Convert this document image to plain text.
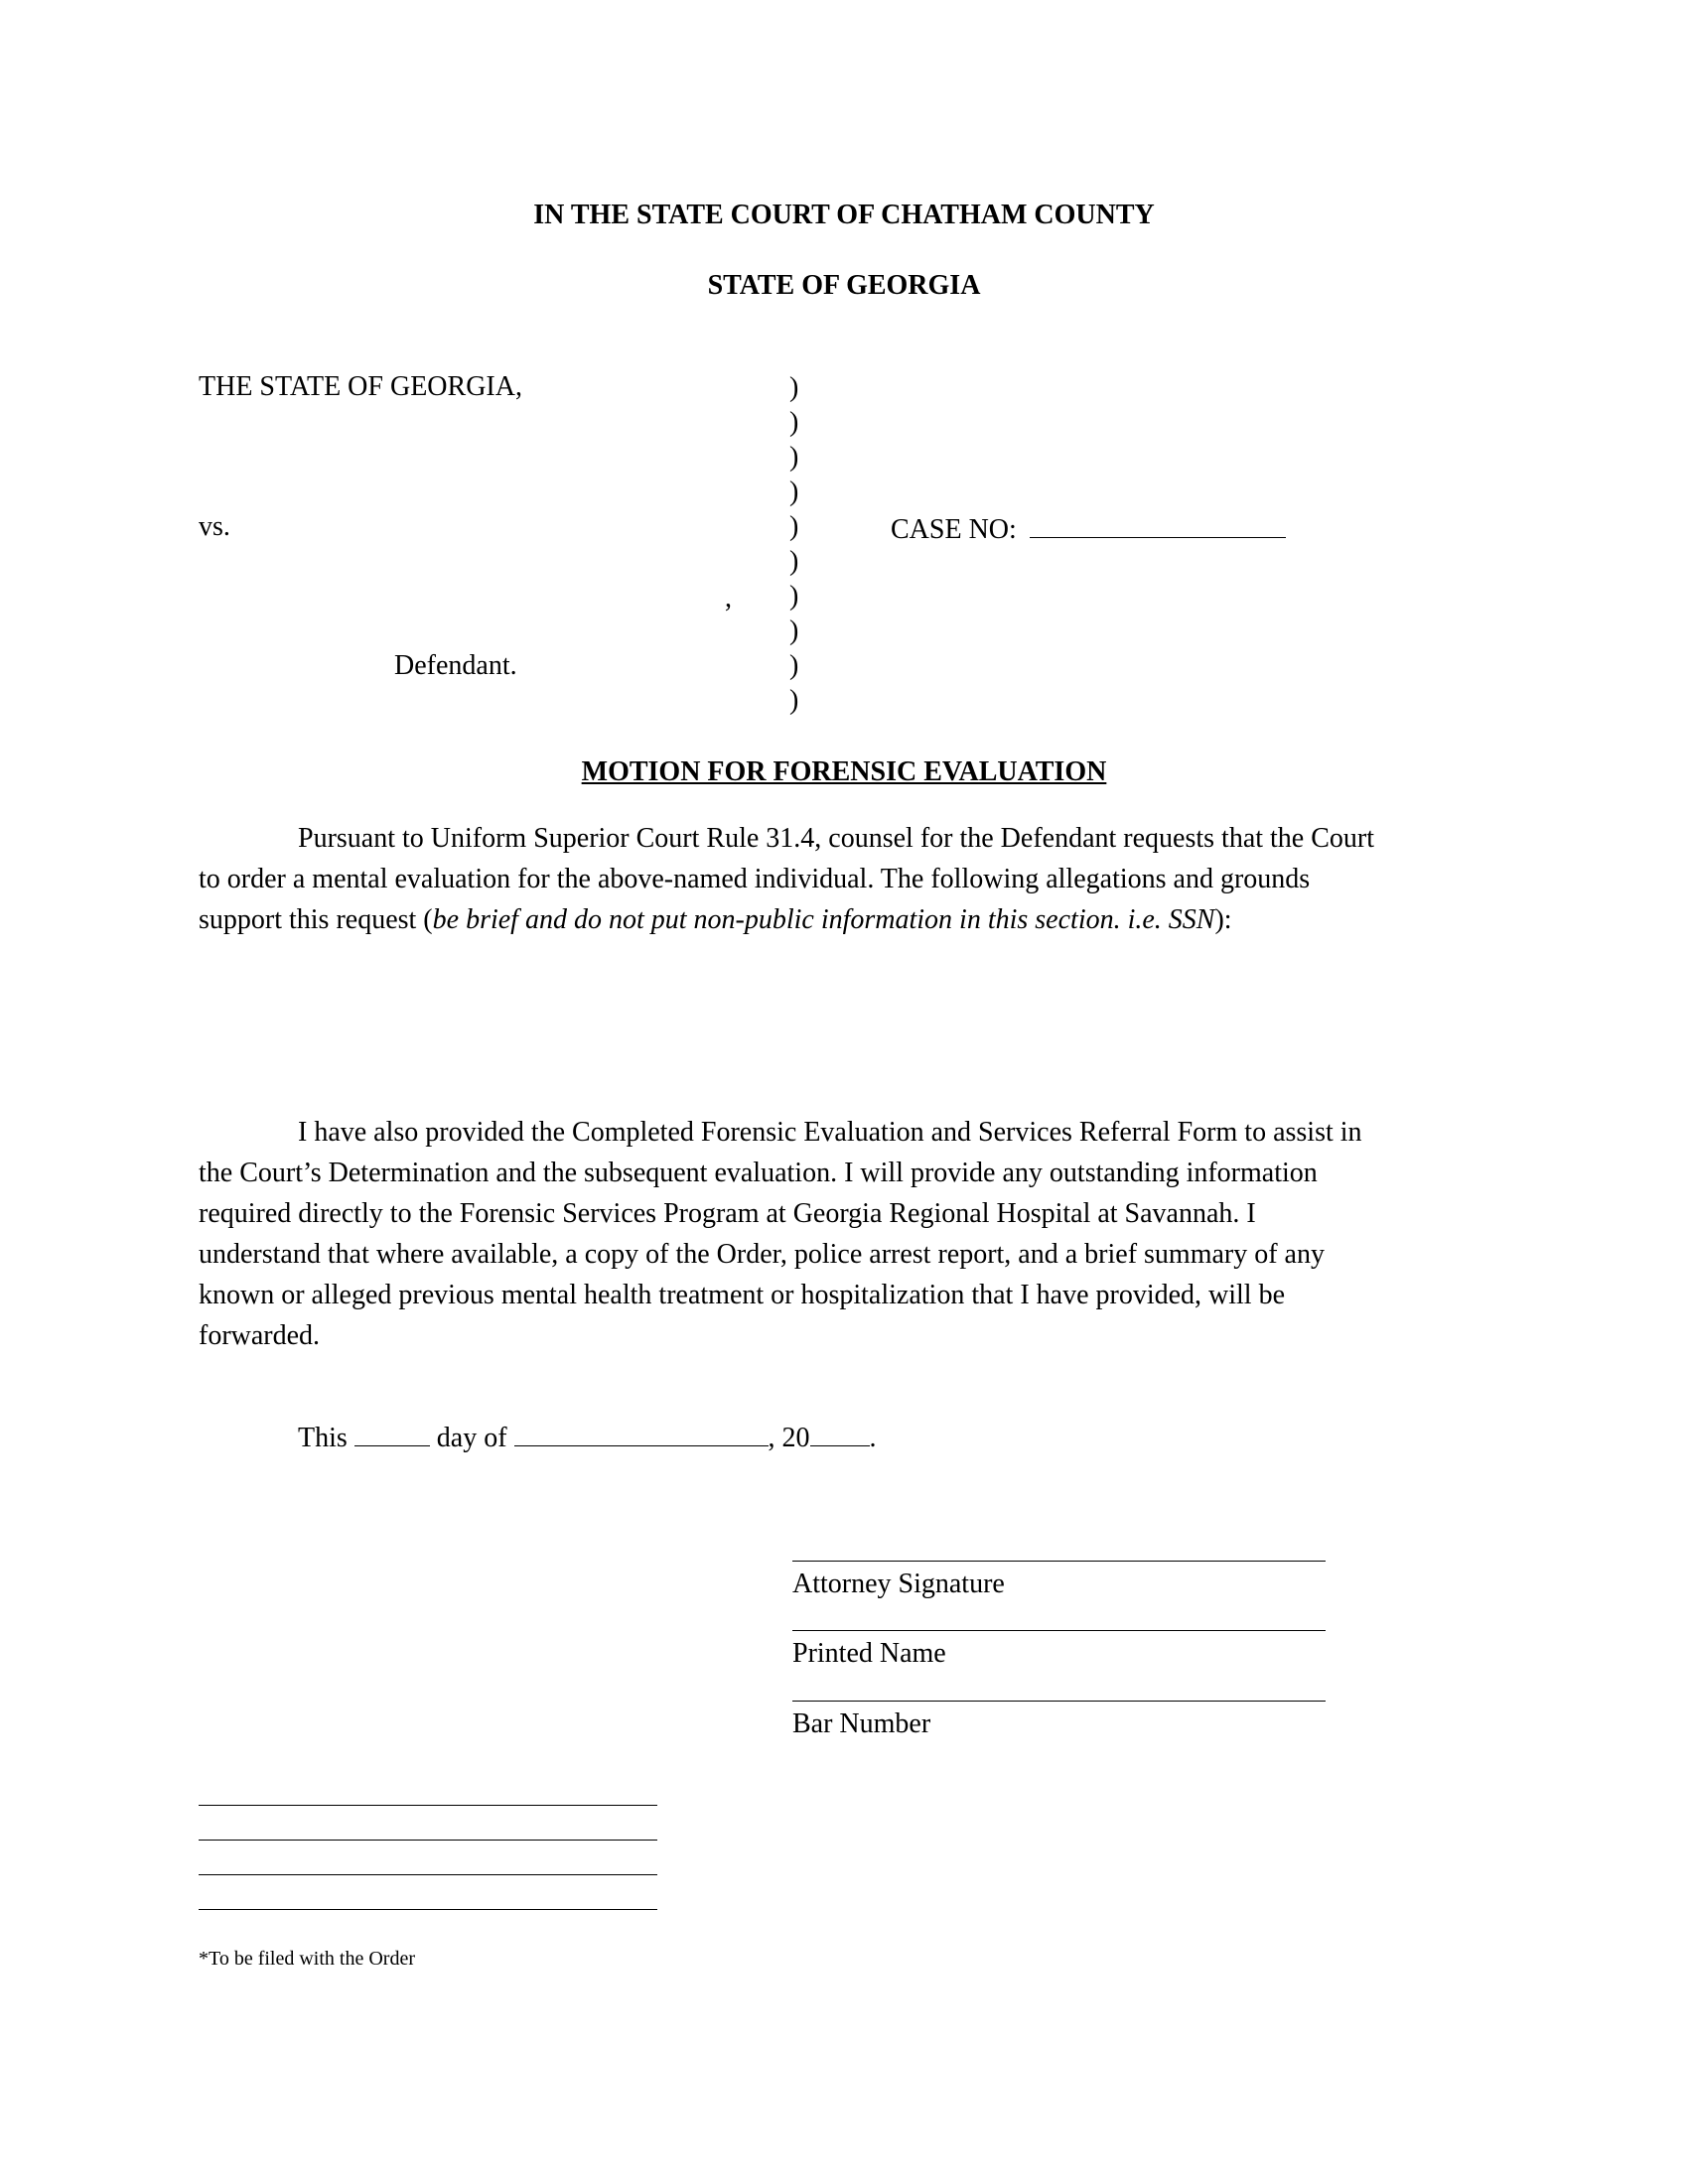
IN THE STATE COURT OF CHATHAM COUNTY
STATE OF GEORGIA
THE STATE OF GEORGIA,
vs.
,
Defendant.
)
)
)
)
)
)
)
)
)
)
CASE NO:
MOTION FOR FORENSIC EVALUATION
Pursuant to Uniform Superior Court Rule 31.4, counsel for the Defendant requests that the Court
to order a mental evaluation for the above-named individual. The following allegations and grounds
support this request (be brief and do not put non-public information in this section. i.e. SSN):
I have also provided the Completed Forensic Evaluation and Services Referral Form to assist in
the Court’s Determination and the subsequent evaluation. I will provide any outstanding information
required directly to the Forensic Services Program at Georgia Regional Hospital at Savannah. I
understand that where available, a copy of the Order, police arrest report, and a brief summary of any
known or alleged previous mental health treatment or hospitalization that I have provided, will be
forwarded.
This	day of	, 20 .
Attorney Signature
Printed Name
Bar Number
*To be filed with the Order
